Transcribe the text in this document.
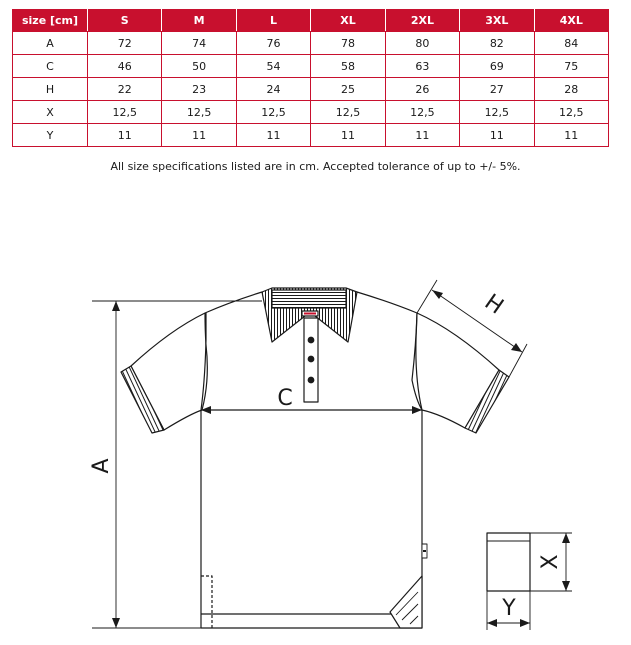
size [cm]	S	M	L	XL	2XL	3XL	4XL
A	72	74	76	78	80	82	84
C	46	50	54	58	63	69	75
H	22	23	24	25	26	27	28
X	12,5	12,5	12,5	12,5	12,5	12,5	12,5
Y	11	11	11	11	11	11	11
All size specifications listed are in cm. Accepted tolerance of up to +/- 5%.
A
C
H
X
Y
